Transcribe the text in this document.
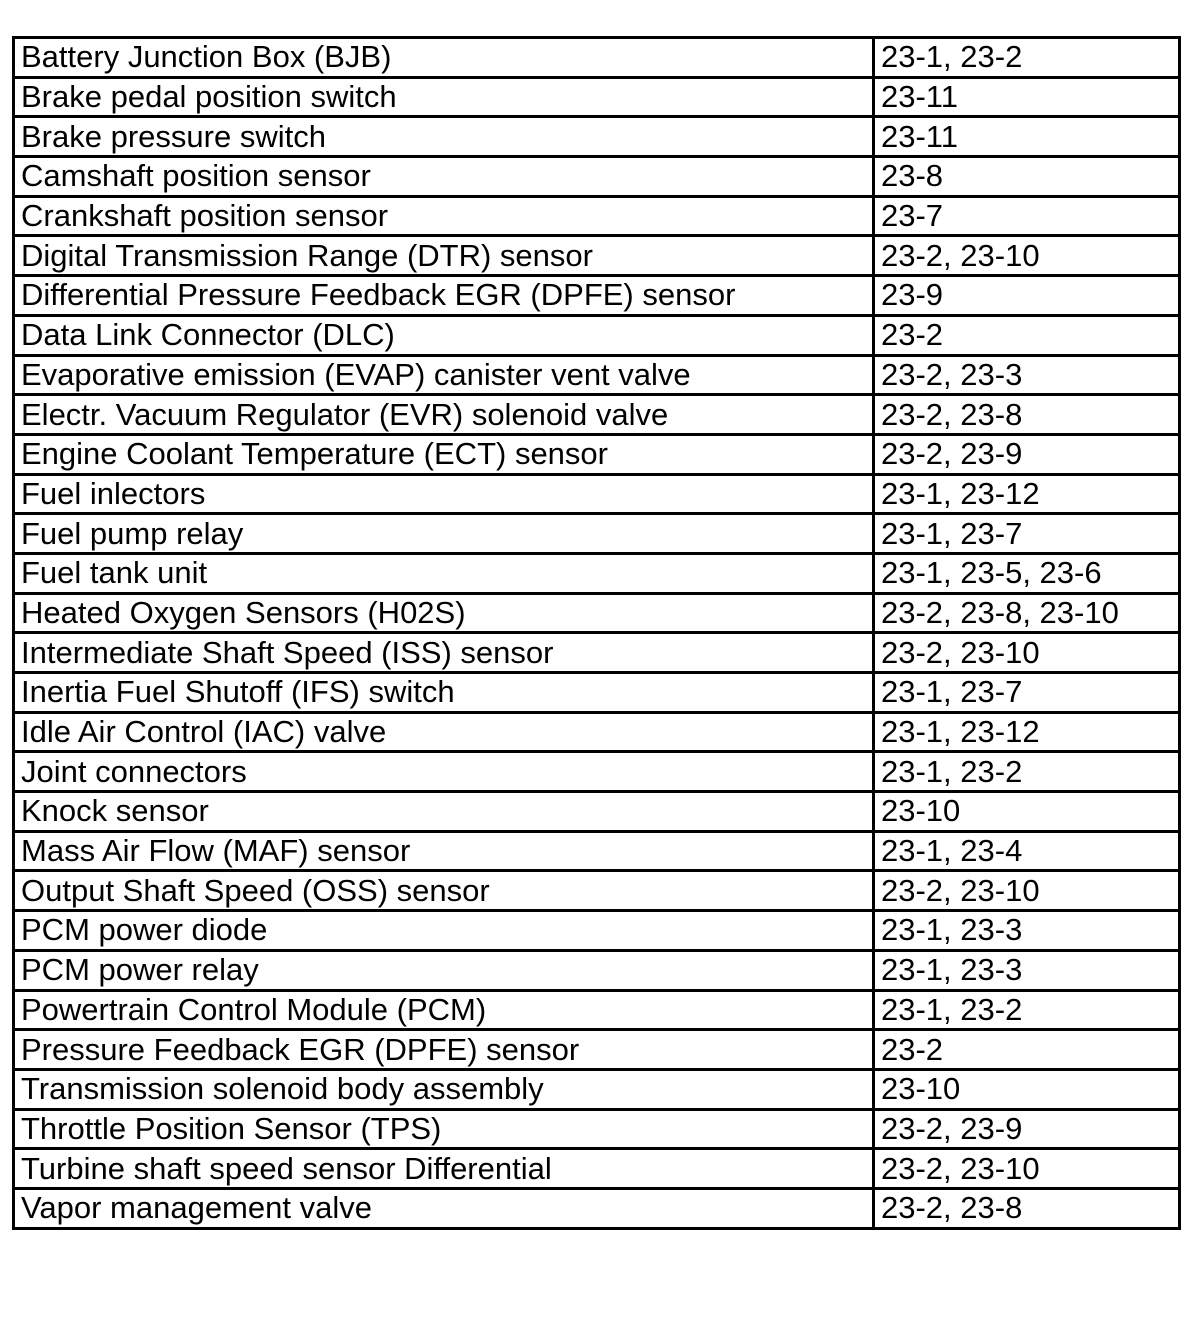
Battery Junction Box (BJB)	23-1, 23-2
Brake pedal position switch	23-11
Brake pressure switch	23-11
Camshaft position sensor	23-8
Crankshaft position sensor	23-7
Digital Transmission Range (DTR) sensor	23-2, 23-10
Differential Pressure Feedback EGR (DPFE) sensor	23-9
Data Link Connector (DLC)	23-2
Evaporative emission (EVAP) canister vent valve	23-2, 23-3
Electr. Vacuum Regulator (EVR) solenoid valve	23-2, 23-8
Engine Coolant Temperature (ECT) sensor	23-2, 23-9
Fuel inlectors	23-1, 23-12
Fuel pump relay	23-1, 23-7
Fuel tank unit	23-1, 23-5, 23-6
Heated Oxygen Sensors (H02S)	23-2, 23-8, 23-10
Intermediate Shaft Speed (ISS) sensor	23-2, 23-10
Inertia Fuel Shutoff (IFS) switch	23-1, 23-7
Idle Air Control (IAC) valve	23-1, 23-12
Joint connectors	23-1, 23-2
Knock sensor	23-10
Mass Air Flow (MAF) sensor	23-1, 23-4
Output Shaft Speed (OSS) sensor	23-2, 23-10
PCM power diode	23-1, 23-3
PCM power relay	23-1, 23-3
Powertrain Control Module (PCM)	23-1, 23-2
Pressure Feedback EGR (DPFE) sensor	23-2
Transmission solenoid body assembly	23-10
Throttle Position Sensor (TPS)	23-2, 23-9
Turbine shaft speed sensor Differential	23-2, 23-10
Vapor management valve	23-2, 23-8
